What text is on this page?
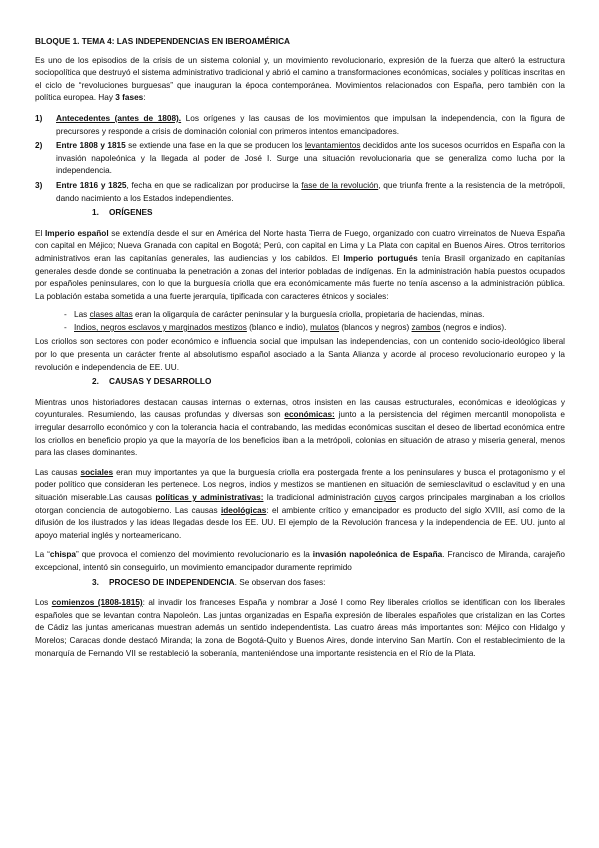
BLOQUE 1. TEMA 4: LAS INDEPENDENCIAS EN IBEROAMÉRICA

Es uno de los episodios de la crisis de un sistema colonial y, un movimiento revolucionario, expresión de la fuerza que alteró la estructura sociopolítica que destruyó el sistema administrativo tradicional y abrió el camino a transformaciones económicas, sociales y políticas inscritas en el ciclo de “revoluciones burguesas” que inauguran la época contemporánea. Movimientos relacionados con España, pero también con la política europea. Hay 3 fases:

1) Antecedentes (antes de 1808). Los orígenes y las causas de los movimientos que impulsan la independencia, con la figura de precursores y responde a crisis de dominación colonial con primeros intentos emancipadores.
2) Entre 1808 y 1815 se extiende una fase en la que se producen los levantamientos decididos ante los sucesos ocurridos en España con la invasión napoleónica y la llegada al poder de José I. Surge una situación revolucionaria que se generaliza como lucha por la independencia.
3) Entre 1816 y 1825, fecha en que se radicalizan por producirse la fase de la revolución, que triunfa frente a la resistencia de la metrópoli, dando nacimiento a los Estados independientes.
1. ORÍGENES

El Imperio español se extendía desde el sur en América del Norte hasta Tierra de Fuego, organizado con cuatro virreinatos de Nueva España con capital en Méjico; Nueva Granada con capital en Bogotá; Perú, con capital en Lima y La Plata con capital en Buenos Aires. Otros territorios administrativos eran las capitanías generales, las audiencias y los cabildos. El Imperio portugués tenía Brasil organizado en capitanías generales desde donde se continuaba la penetración a zonas del interior pobladas de indígenas. En la administración había puestos ocupados por españoles peninsulares, con lo que la burguesía criolla que era económicamente más fuerte no tenía ascenso a la administración pública. La población estaba sometida a una fuerte jerarquía, tipificada con caracteres étnicos y sociales:

- Las clases altas eran la oligarquía de carácter peninsular y la burguesía criolla, propietaria de haciendas, minas.
- Indios, negros esclavos y marginados mestizos (blanco e indio), mulatos (blancos y negros) zambos (negros e indios).

Los criollos son sectores con poder económico e influencia social que impulsan las independencias, con un contenido socio-ideológico liberal por lo que presenta un carácter frente al absolutismo español asociado a la Santa Alianza y acorde al proceso revolucionario europeo y la revolución e independencia de EE. UU.

2. CAUSAS Y DESARROLLO

Mientras unos historiadores destacan causas internas o externas, otros insisten en las causas estructurales, económicas e ideológicas y coyunturales. Resumiendo, las causas profundas y diversas son económicas: junto a la persistencia del régimen mercantil monopolista e irregular desarrollo económico y con la tolerancia hacia el contrabando, las medidas económicas suscitan el deseo de libertad económica entre los criollos en beneficio propio ya que la mayoría de los beneficios iban a la metrópoli, colonias en situación de atraso y miseria general, menos para las clases dominantes.

Las causas sociales eran muy importantes ya que la burguesía criolla era postergada frente a los peninsulares y busca el protagonismo y el poder político que consideran les pertenece. Los negros, indios y mestizos se mantienen en situación de semiesclavitud o esclavitud y en una situación miserable.Las causas políticas y administrativas: la tradicional administración cuyos cargos principales marginaban a los criollos otorgan conciencia de autogobierno. Las causas ideológicas: el ambiente crítico y emancipador es producto del siglo XVIII, así como de la difusión de los ilustrados y las ideas llegadas desde los EE. UU. El ejemplo de la Revolución francesa y la independencia de EE. UU. junto al apoyo material inglés y norteamericano.

La “chispa” que provoca el comienzo del movimiento revolucionario es la invasión napoleónica de España. Francisco de Miranda, carajeño excepcional, intentó sin conseguirlo, un movimiento emancipador duramente reprimido

3. PROCESO DE INDEPENDENCIA. Se observan dos fases:

Los comienzos (1808-1815): al invadir los franceses España y nombrar a José I como Rey liberales criollos se identifican con los liberales españoles que se levantan contra Napoleón. Las juntas organizadas en España expresión de liberales españoles que cristalizan en las Cortes de Cádiz las juntas americanas muestran además un sentido independentista. Las cuatro áreas más importantes son: Méjico con Hidalgo y Morelos; Caracas donde destacó Miranda; la zona de Bogotá-Quito y Buenos Aires, donde intervino San Martín. Con el restablecimiento de la monarquía de Fernando VII se restableció la soberanía, manteniéndose una importante resistencia en el Río de la Plata.
